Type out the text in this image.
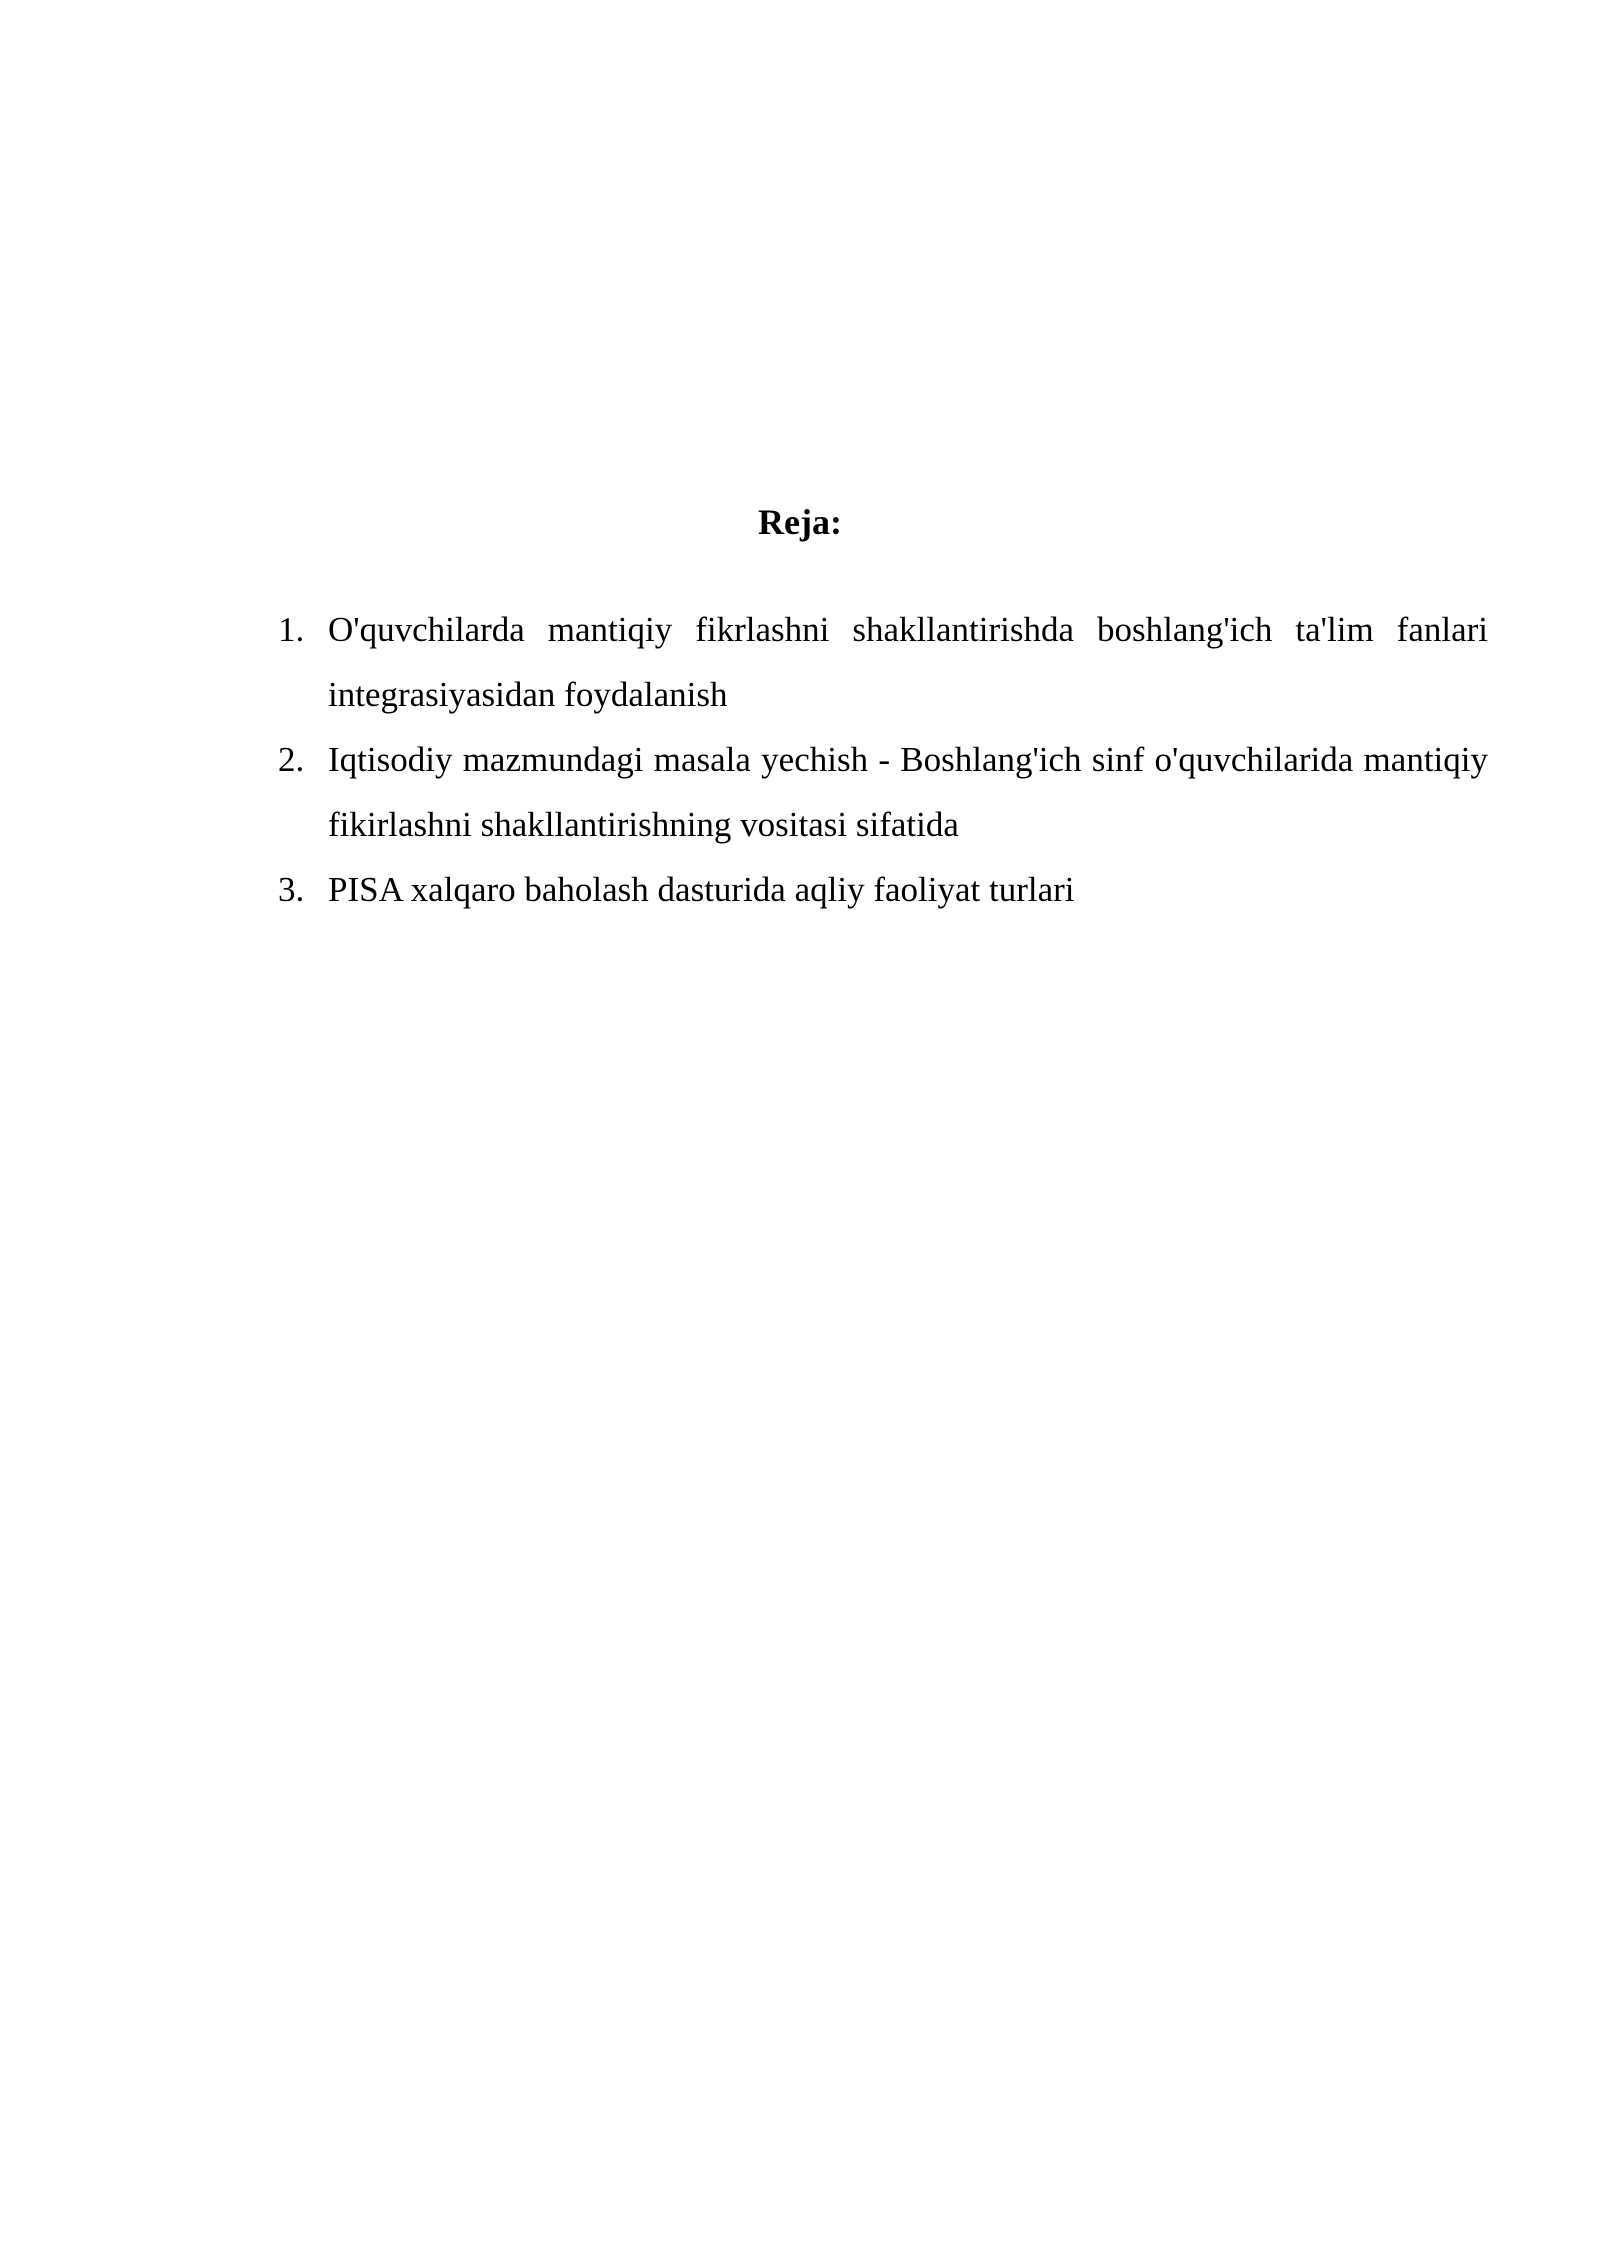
Reja:
1. O'quvchilarda mantiqiy fikrlashni shakllantirishda boshlang'ich ta'lim fanlari integrasiyasidan foydalanish
2. Iqtisodiy mazmundagi masala yechish - Boshlang'ich sinf o'quvchilarida mantiqiy fikirlashni shakllantirishning vositasi sifatida
3. PISA xalqaro baholash dasturida aqliy faoliyat turlari
